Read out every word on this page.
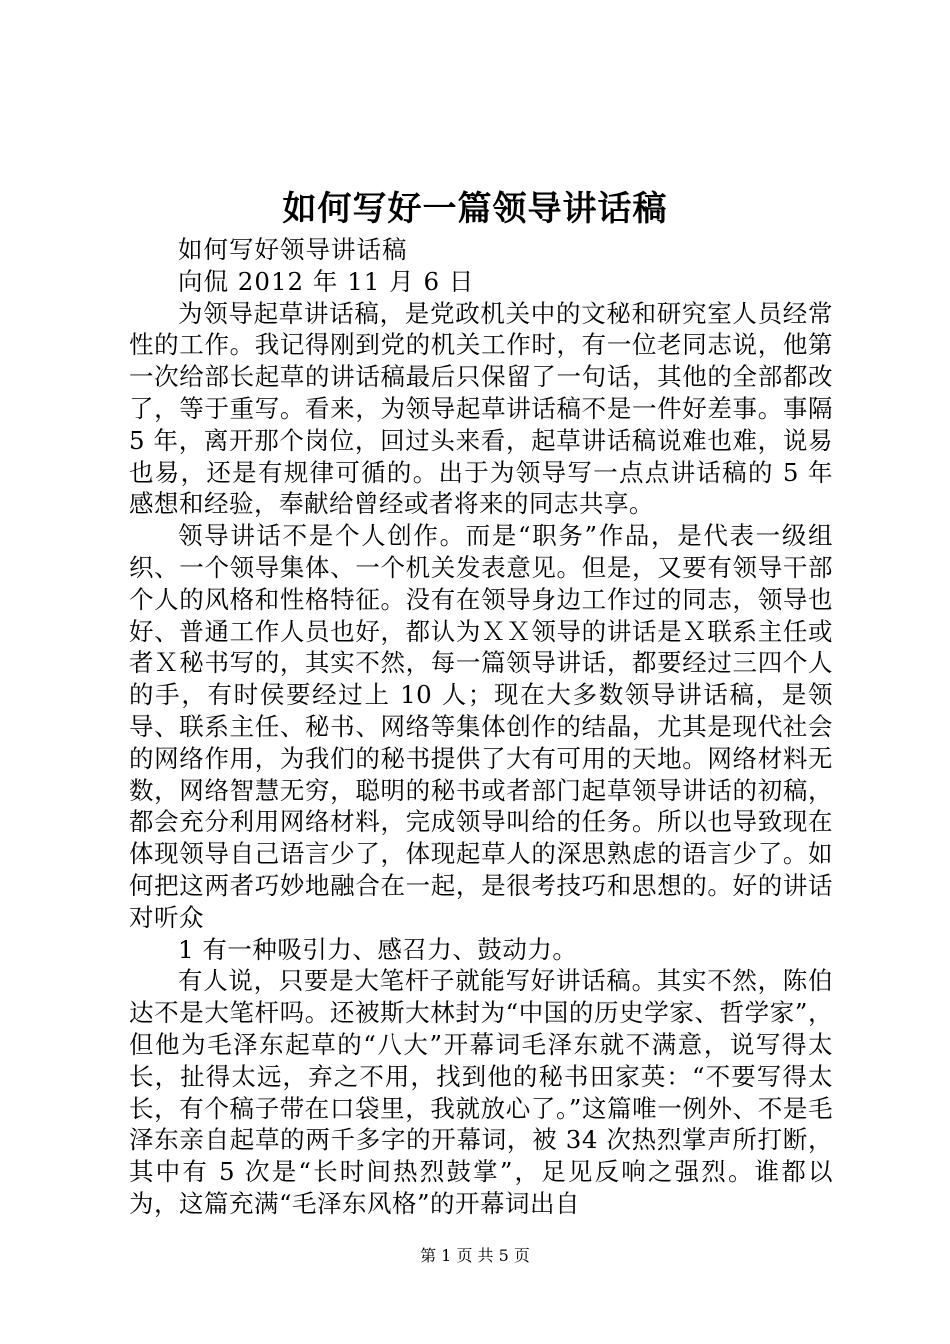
如何写好一篇领导讲话稿

如何写好领导讲话稿

向侃 2012 年 11 月 6 日

为领导起草讲话稿，是党政机关中的文秘和研究室人员经常性的工作。我记得刚到党的机关工作时，有一位老同志说，他第一次给部长起草的讲话稿最后只保留了一句话，其他的全部都改了，等于重写。看来，为领导起草讲话稿不是一件好差事。事隔 5 年，离开那个岗位，回过头来看，起草讲话稿说难也难，说易也易，还是有规律可循的。出于为领导写一点点讲话稿的 5 年感想和经验，奉献给曾经或者将来的同志共享。

领导讲话不是个人创作。而是“职务”作品，是代表一级组织、一个领导集体、一个机关发表意见。但是，又要有领导干部个人的风格和性格特征。没有在领导身边工作过的同志，领导也好、普通工作人员也好，都认为ＸＸ领导的讲话是Ｘ联系主任或者Ｘ秘书写的，其实不然，每一篇领导讲话，都要经过三四个人的手，有时侯要经过上 10 人；现在大多数领导讲话稿，是领导、联系主任、秘书、网络等集体创作的结晶，尤其是现代社会的网络作用，为我们的秘书提供了大有可用的天地。网络材料无数，网络智慧无穷，聪明的秘书或者部门起草领导讲话的初稿，都会充分利用网络材料，完成领导叫给的任务。所以也导致现在体现领导自己语言少了，体现起草人的深思熟虑的语言少了。如何把这两者巧妙地融合在一起，是很考技巧和思想的。好的讲话对听众

1 有一种吸引力、感召力、鼓动力。

有人说，只要是大笔杆子就能写好讲话稿。其实不然，陈伯达不是大笔杆吗。还被斯大林封为“中国的历史学家、哲学家”，但他为毛泽东起草的“八大”开幕词毛泽东就不满意，说写得太长，扯得太远，弃之不用，找到他的秘书田家英：“不要写得太长，有个稿子带在口袋里，我就放心了。”这篇唯一例外、不是毛泽东亲自起草的两千多字的开幕词，被 34 次热烈掌声所打断，其中有 5 次是“长时间热烈鼓掌”，足见反响之强烈。谁都以为，这篇充满“毛泽东风格”的开幕词出自

第 1 页 共 5 页
